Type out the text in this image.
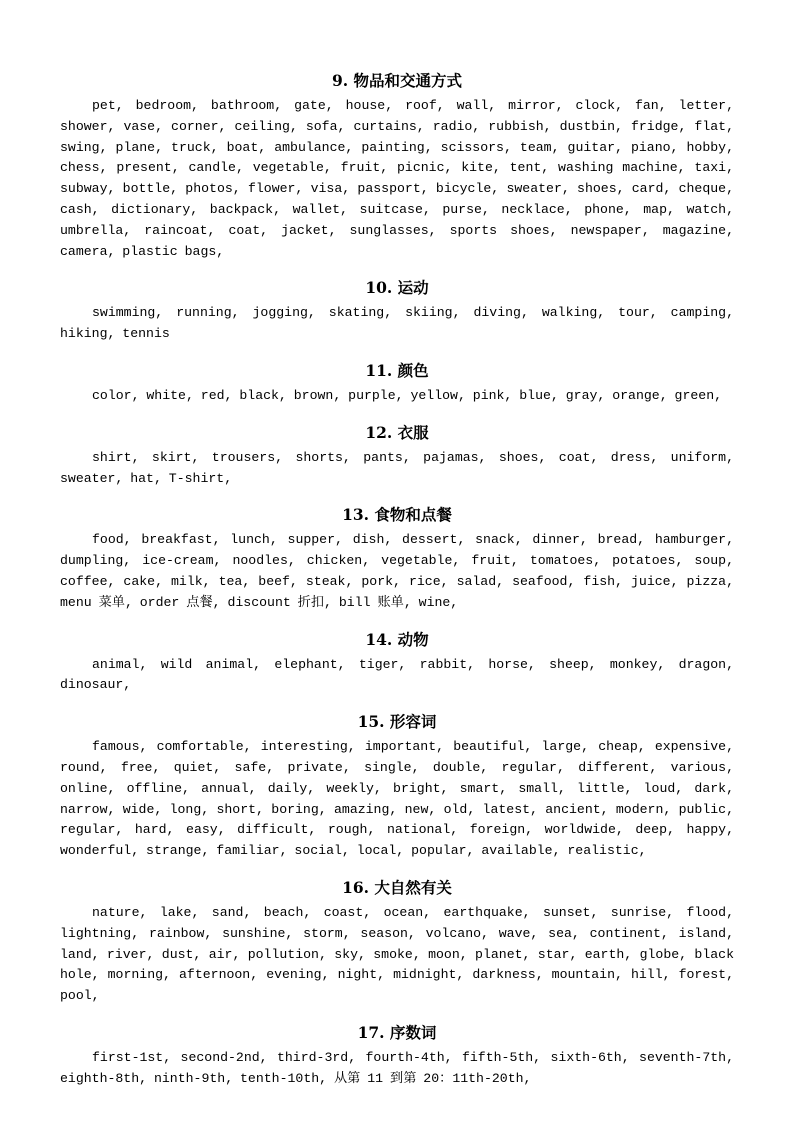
9. 物品和交通方式

pet, bedroom, bathroom, gate, house, roof, wall, mirror, clock, fan, letter, shower, vase, corner, ceiling, sofa, curtains, radio, rubbish, dustbin, fridge, flat, swing, plane, truck, boat, ambulance, painting, scissors, team, guitar, piano, hobby, chess, present, candle, vegetable, fruit, picnic, kite, tent, washing machine, taxi, subway, bottle, photos, flower, visa, passport, bicycle, sweater, shoes, card, cheque, cash, dictionary, backpack, wallet, suitcase, purse, necklace, phone, map, watch, umbrella, raincoat, coat, jacket, sunglasses, sports shoes, newspaper, magazine, camera, plastic bags,

10. 运动

swimming, running, jogging, skating, skiing, diving, walking, tour, camping, hiking, tennis

11. 颜色

color, white, red, black, brown, purple, yellow, pink, blue, gray, orange, green,

12. 衣服

shirt, skirt, trousers, shorts, pants, pajamas, shoes, coat, dress, uniform, sweater, hat, T-shirt,

13. 食物和点餐

food, breakfast, lunch, supper, dish, dessert, snack, dinner, bread, hamburger, dumpling, ice-cream, noodles, chicken, vegetable, fruit, tomatoes, potatoes, soup, coffee, cake, milk, tea, beef, steak, pork, rice, salad, seafood, fish, juice, pizza, menu 菜单, order 点餐, discount 折扣, bill 账单, wine,

14. 动物

animal, wild animal, elephant, tiger, rabbit, horse, sheep, monkey, dragon, dinosaur,

15. 形容词

famous, comfortable, interesting, important, beautiful, large, cheap, expensive, round, free, quiet, safe, private, single, double, regular, different, various, online, offline, annual, daily, weekly, bright, smart, small, little, loud, dark, narrow, wide, long, short, boring, amazing, new, old, latest, ancient, modern, public, regular, hard, easy, difficult, rough, national, foreign, worldwide, deep, happy, wonderful, strange, familiar, social, local, popular, available, realistic,

16. 大自然有关

nature, lake, sand, beach, coast, ocean, earthquake, sunset, sunrise, flood, lightning, rainbow, sunshine, storm, season, volcano, wave, sea, continent, island, land, river, dust, air, pollution, sky, smoke, moon, planet, star, earth, globe, black hole, morning, afternoon, evening, night, midnight, darkness, mountain, hill, forest, pool,

17. 序数词

first-1st, second-2nd, third-3rd, fourth-4th, fifth-5th, sixth-6th, seventh-7th, eighth-8th, ninth-9th, tenth-10th, 从第 11 到第 20：11th-20th,
